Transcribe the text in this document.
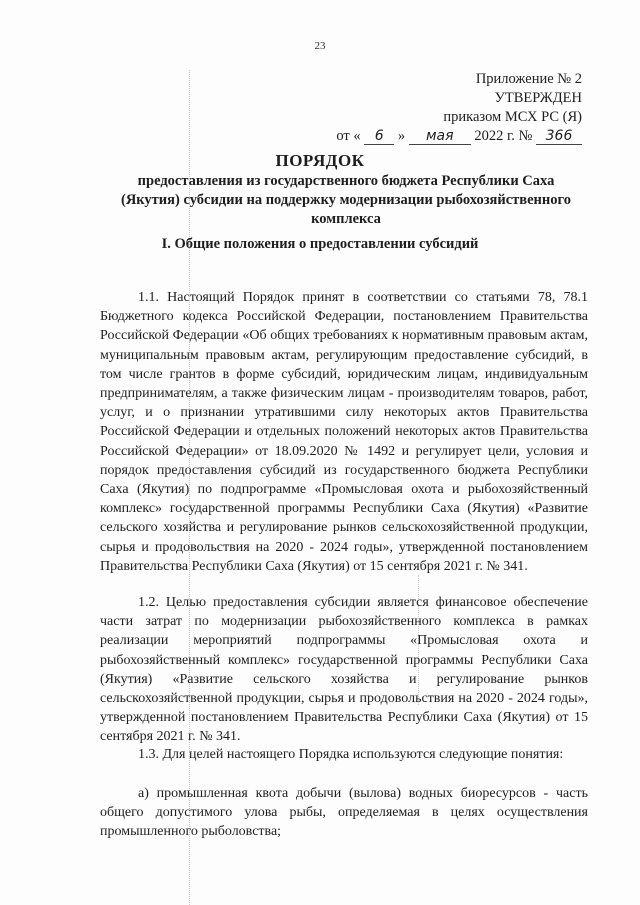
23
Приложение № 2
УТВЕРЖДЕН
приказом МСХ РС (Я)
от « 6 » мая 2022 г. № 366
ПОРЯДОК
предоставления из государственного бюджета Республики Саха (Якутия) субсидии на поддержку модернизации рыбохозяйственного комплекса
I. Общие положения о предоставлении субсидий

1.1. Настоящий Порядок принят в соответствии со статьями 78, 78.1 Бюджетного кодекса Российской Федерации, постановлением Правительства Российской Федерации «Об общих требованиях к нормативным правовым актам, муниципальным правовым актам, регулирующим предоставление субсидий, в том числе грантов в форме субсидий, юридическим лицам, индивидуальным предпринимателям, а также физическим лицам - производителям товаров, работ, услуг, и о признании утратившими силу некоторых актов Правительства Российской Федерации и отдельных положений некоторых актов Правительства Российской Федерации» от 18.09.2020 № 1492 и регулирует цели, условия и порядок предоставления субсидий из государственного бюджета Республики Саха (Якутия) по подпрограмме «Промысловая охота и рыбохозяйственный комплекс» государственной программы Республики Саха (Якутия) «Развитие сельского хозяйства и регулирование рынков сельскохозяйственной продукции, сырья и продовольствия на 2020 - 2024 годы», утвержденной постановлением Правительства Республики Саха (Якутия) от 15 сентября 2021 г. № 341.

1.2. Целью предоставления субсидии является финансовое обеспечение части затрат по модернизации рыбохозяйственного комплекса в рамках реализации мероприятий подпрограммы «Промысловая охота и рыбохозяйственный комплекс» государственной программы Республики Саха (Якутия) «Развитие сельского хозяйства и регулирование рынков сельскохозяйственной продукции, сырья и продовольствия на 2020 - 2024 годы», утвержденной постановлением Правительства Республики Саха (Якутия) от 15 сентября 2021 г. № 341.

1.3. Для целей настоящего Порядка используются следующие понятия:

а) промышленная квота добычи (вылова) водных биоресурсов - часть общего допустимого улова рыбы, определяемая в целях осуществления промышленного рыболовства;
